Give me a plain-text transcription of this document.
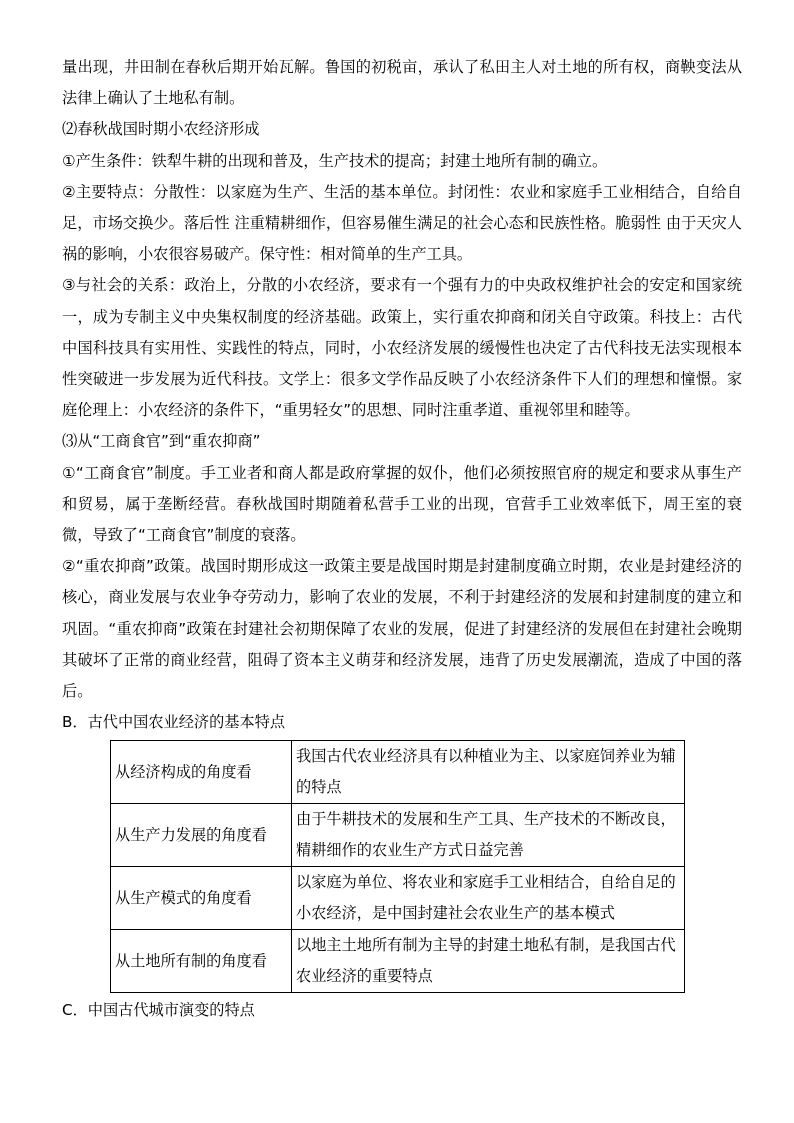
量出现，井田制在春秋后期开始瓦解。鲁国的初税亩，承认了私田主人对土地的所有权，商鞅变法从法律上确认了土地私有制。

⑵春秋战国时期小农经济形成

①产生条件：铁犁牛耕的出现和普及，生产技术的提高；封建土地所有制的确立。

②主要特点：分散性：以家庭为生产、生活的基本单位。封闭性：农业和家庭手工业相结合，自给自足，市场交换少。落后性 注重精耕细作，但容易催生满足的社会心态和民族性格。脆弱性 由于天灾人祸的影响，小农很容易破产。保守性：相对简单的生产工具。

③与社会的关系：政治上，分散的小农经济，要求有一个强有力的中央政权维护社会的安定和国家统一，成为专制主义中央集权制度的经济基础。政策上，实行重农抑商和闭关自守政策。科技上：古代中国科技具有实用性、实践性的特点，同时，小农经济发展的缓慢性也决定了古代科技无法实现根本性突破进一步发展为近代科技。文学上：很多文学作品反映了小农经济条件下人们的理想和憧憬。家庭伦理上：小农经济的条件下，“重男轻女”的思想、同时注重孝道、重视邻里和睦等。

⑶从“工商食官”到“重农抑商”

①“工商食官”制度。手工业者和商人都是政府掌握的奴仆，他们必须按照官府的规定和要求从事生产和贸易，属于垄断经营。春秋战国时期随着私营手工业的出现，官营手工业效率低下，周王室的衰微，导致了“工商食官”制度的衰落。

②“重农抑商”政策。战国时期形成这一政策主要是战国时期是封建制度确立时期，农业是封建经济的核心，商业发展与农业争夺劳动力，影响了农业的发展，不利于封建经济的发展和封建制度的建立和巩固。“重农抑商”政策在封建社会初期保障了农业的发展，促进了封建经济的发展但在封建社会晚期其破坏了正常的商业经营，阻碍了资本主义萌芽和经济发展，违背了历史发展潮流，造成了中国的落后。

B．古代中国农业经济的基本特点

从经济构成的角度看	我国古代农业经济具有以种植业为主、以家庭饲养业为辅的特点
从生产力发展的角度看	由于牛耕技术的发展和生产工具、生产技术的不断改良，精耕细作的农业生产方式日益完善
从生产模式的角度看	以家庭为单位、将农业和家庭手工业相结合，自给自足的小农经济，是中国封建社会农业生产的基本模式
从土地所有制的角度看	以地主土地所有制为主导的封建土地私有制，是我国古代农业经济的重要特点

C．中国古代城市演变的特点
